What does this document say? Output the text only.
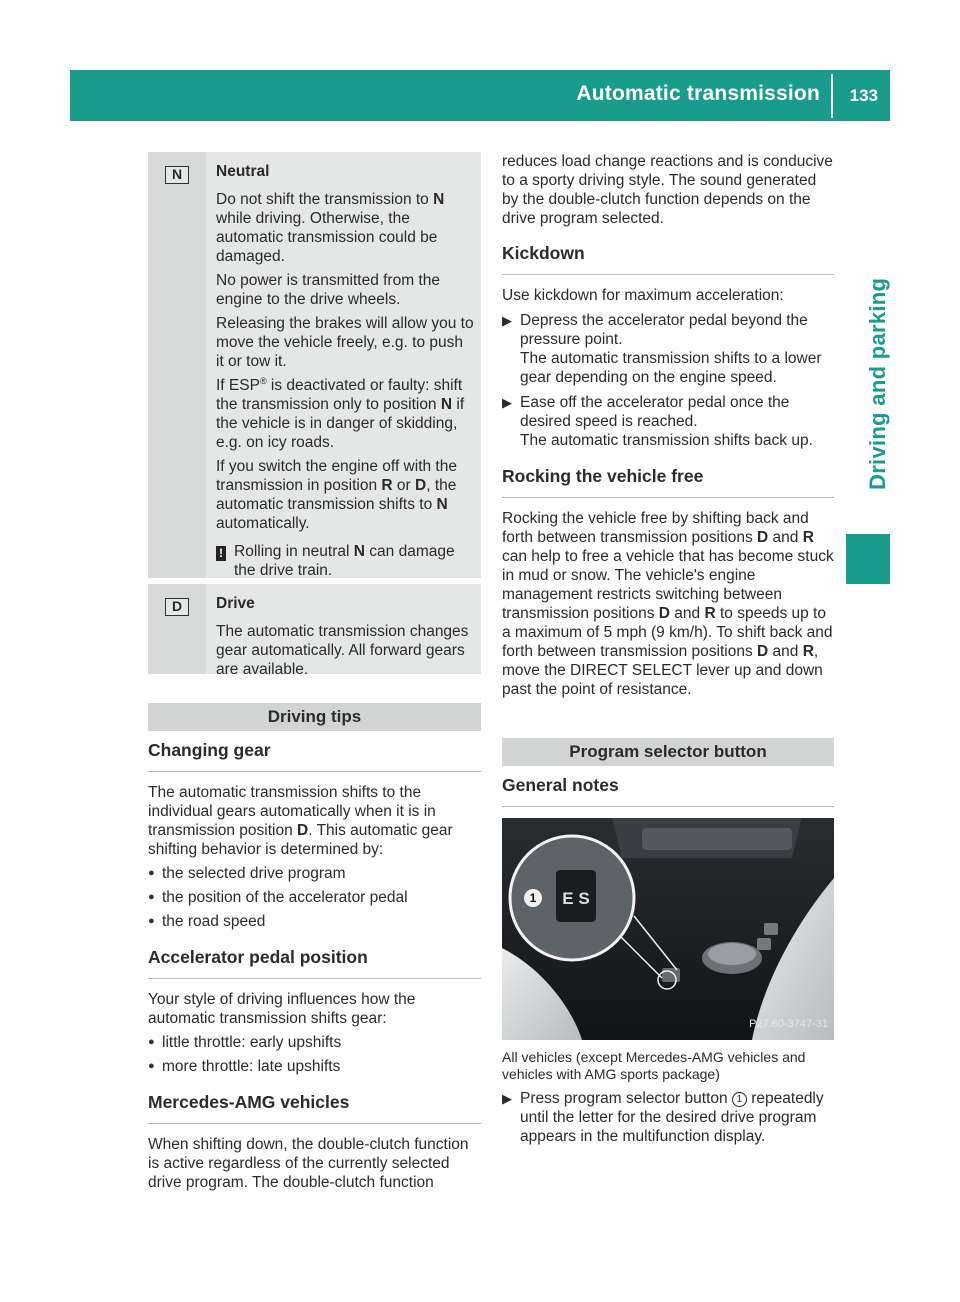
Automatic transmission 133
Driving and parking
N	Neutral

Do not shift the transmission to N while driving. Otherwise, the automatic transmission could be damaged.

No power is transmitted from the engine to the drive wheels.

Releasing the brakes will allow you to move the vehicle freely, e.g. to push it or tow it.

If ESP® is deactivated or faulty: shift the transmission only to position N if the vehicle is in danger of skidding, e.g. on icy roads.

If you switch the engine off with the transmission in position R or D, the automatic transmission shifts to N automatically.

! Rolling in neutral N can damage the drive train.
D	Drive

The automatic transmission changes gear automatically. All forward gears are available.

Driving tips
Changing gear

The automatic transmission shifts to the individual gears automatically when it is in transmission position D. This automatic gear shifting behavior is determined by:

● the selected drive program
● the position of the accelerator pedal
● the road speed
Accelerator pedal position

Your style of driving influences how the automatic transmission shifts gear:

● little throttle: early upshifts
● more throttle: late upshifts
Mercedes-AMG vehicles

When shifting down, the double-clutch function is active regardless of the currently selected drive program. The double-clutch function

reduces load change reactions and is conducive to a sporty driving style. The sound generated by the double-clutch function depends on the drive program selected.

Kickdown

Use kickdown for maximum acceleration:

▶ Depress the accelerator pedal beyond the pressure point.

The automatic transmission shifts to a lower gear depending on the engine speed.

▶ Ease off the accelerator pedal once the desired speed is reached.

The automatic transmission shifts back up.

Rocking the vehicle free

Rocking the vehicle free by shifting back and forth between transmission positions D and R can help to free a vehicle that has become stuck in mud or snow. The vehicle's engine management restricts switching between transmission positions D and R to speeds up to a maximum of 5 mph (9 km/h). To shift back and forth between transmission positions D and R, move the DIRECT SELECT lever up and down past the point of resistance.

Program selector button
General notes
E S
1
P27.60-3747-31

All vehicles (except Mercedes-AMG vehicles and vehicles with AMG sports package)

▶ Press program selector button 1 repeatedly until the letter for the desired drive program appears in the multifunction display.
